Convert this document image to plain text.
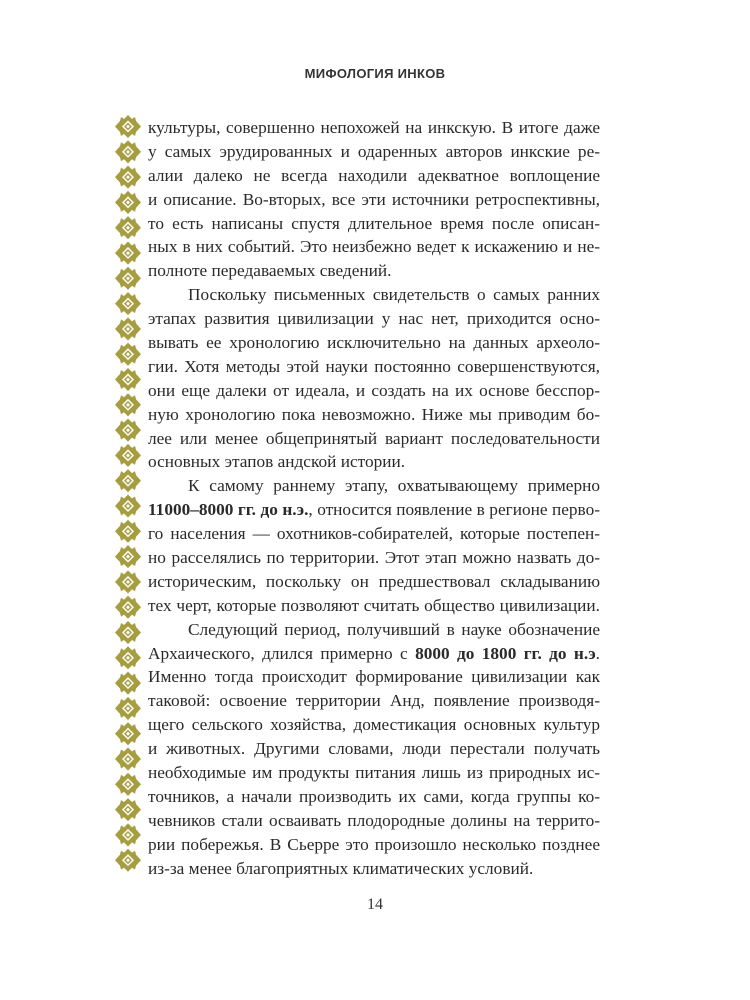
МИФОЛОГИЯ ИНКОВ
культуры, совершенно непохожей на инкскую. В итоге даже
у самых эрудированных и одаренных авторов инкские ре-
алии далеко не всегда находили адекватное воплощение
и описание. Во-вторых, все эти источники ретроспективны,
то есть написаны спустя длительное время после описан-
ных в них событий. Это неизбежно ведет к искажению и не-
полноте передаваемых сведений.
Поскольку письменных свидетельств о самых ранних
этапах развития цивилизации у нас нет, приходится осно-
вывать ее хронологию исключительно на данных археоло-
гии. Хотя методы этой науки постоянно совершенствуются,
они еще далеки от идеала, и создать на их основе бесспор-
ную хронологию пока невозможно. Ниже мы приводим бо-
лее или менее общепринятый вариант последовательности
основных этапов андской истории.
К самому раннему этапу, охватывающему примерно
11000–8000 гг. до н.э., относится появление в регионе перво-
го населения — охотников-собирателей, которые постепен-
но расселялись по территории. Этот этап можно назвать до-
историческим, поскольку он предшествовал складыванию
тех черт, которые позволяют считать общество цивилизации.
Следующий период, получивший в науке обозначение
Архаического, длился примерно с 8000 до 1800 гг. до н.э.
Именно тогда происходит формирование цивилизации как
таковой: освоение территории Анд, появление производя-
щего сельского хозяйства, доместикация основных культур
и животных. Другими словами, люди перестали получать
необходимые им продукты питания лишь из природных ис-
точников, а начали производить их сами, когда группы ко-
чевников стали осваивать плодородные долины на террито-
рии побережья. В Сьерре это произошло несколько позднее
из-за менее благоприятных климатических условий.
14
